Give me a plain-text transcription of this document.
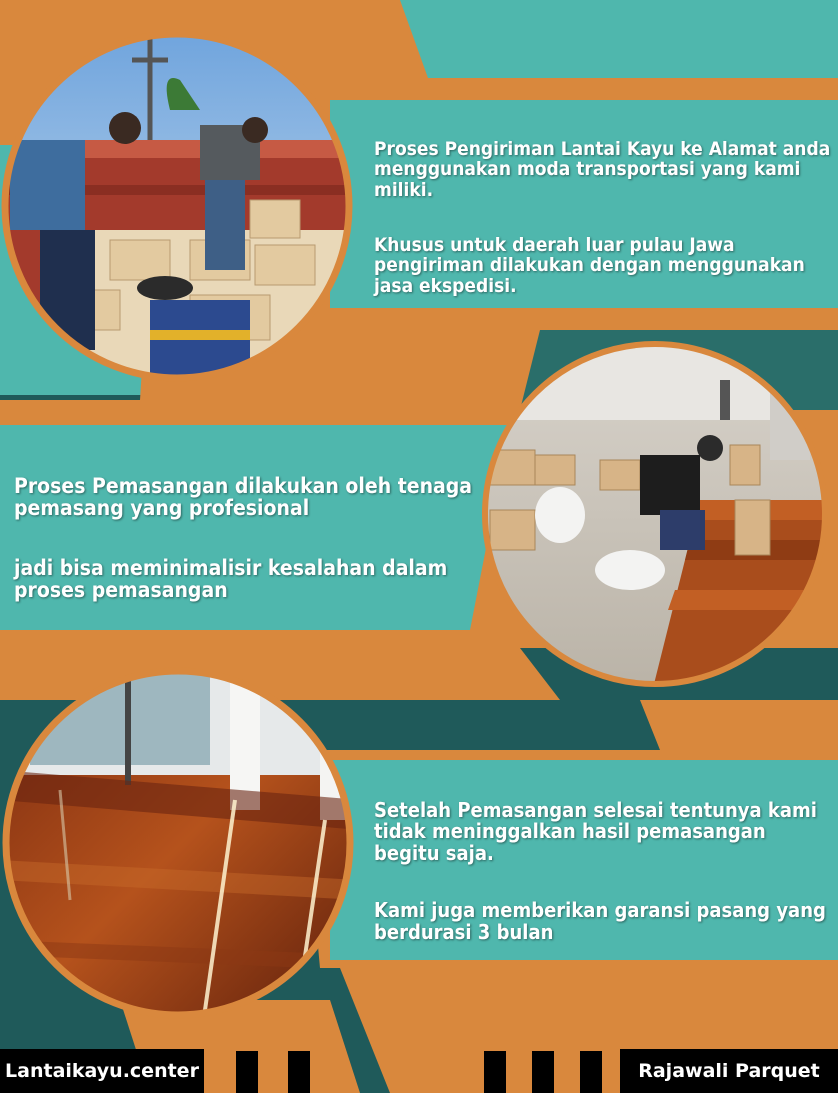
Proses Pengiriman Lantai Kayu ke Alamat anda menggunakan moda transportasi yang kami miliki.

Khusus untuk daerah luar pulau Jawa pengiriman dilakukan dengan menggunakan jasa ekspedisi.

Proses Pemasangan dilakukan oleh tenaga pemasang yang profesional

jadi bisa meminimalisir kesalahan dalam proses pemasangan

Setelah Pemasangan selesai tentunya kami tidak meninggalkan hasil pemasangan begitu saja.

Kami juga memberikan garansi pasang yang berdurasi 3 bulan

Lantaikayu.center	Rajawali Parquet
